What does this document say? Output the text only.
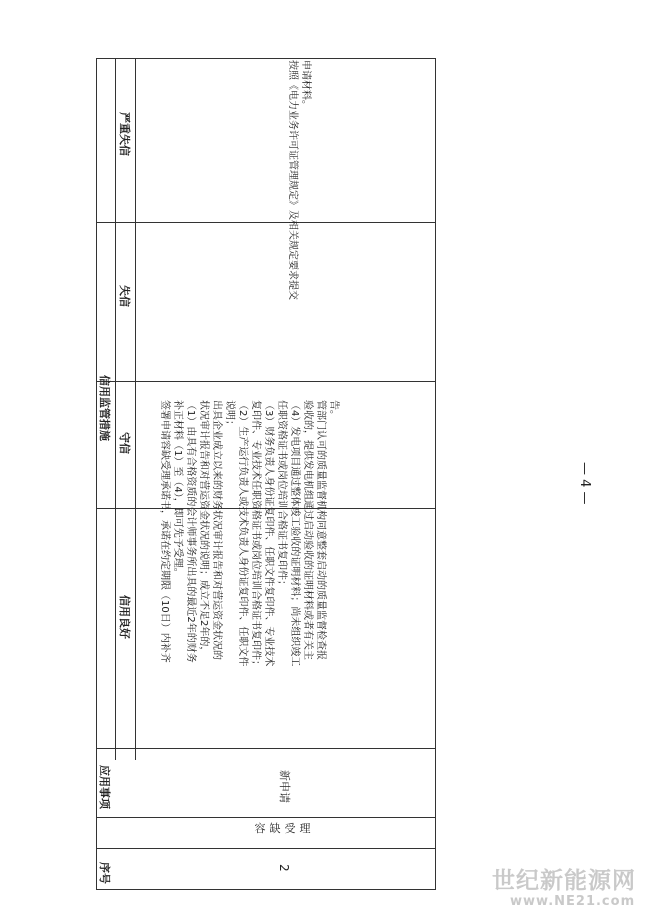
序号
应用事项
信用监管措施
信用良好
守信
失信
严重失信
2
容 缺 受 理
新申请
签署申请容缺受理承诺书，承诺在约定期限（10日）内补齐 补正材料（1）至（4），即可先予受理。 （1）由具有合格资质的会计师事务所出具的最近2年的财务 状况审计报告和对营运资金状况的说明；成立不足2年的， 出具企业成立以来的财务状况审计报告和对营运资金状况的 说明； （2）生产运行负责人或技术负责人身份证复印件、任职文件 复印件、专业技术任职资格证书或岗位培训合格证书复印件； （3）财务负责人身份证复印件、任职文件复印件、专业技术 任职资格证书或岗位培训合格证书复印件； （4）发电项目通过整体竣工验收的证明材料；尚未组织竣工 验收的，提供发电机组通过启动验收的证明材料或者有关主 管部门认可的质量监督机构同意整套启动的质量监督检查报 告。
按照《电力业务许可证管理规定》及相关规定要求提交 申请材料。
— 4 —
世纪新能源网
www.NE21.com
